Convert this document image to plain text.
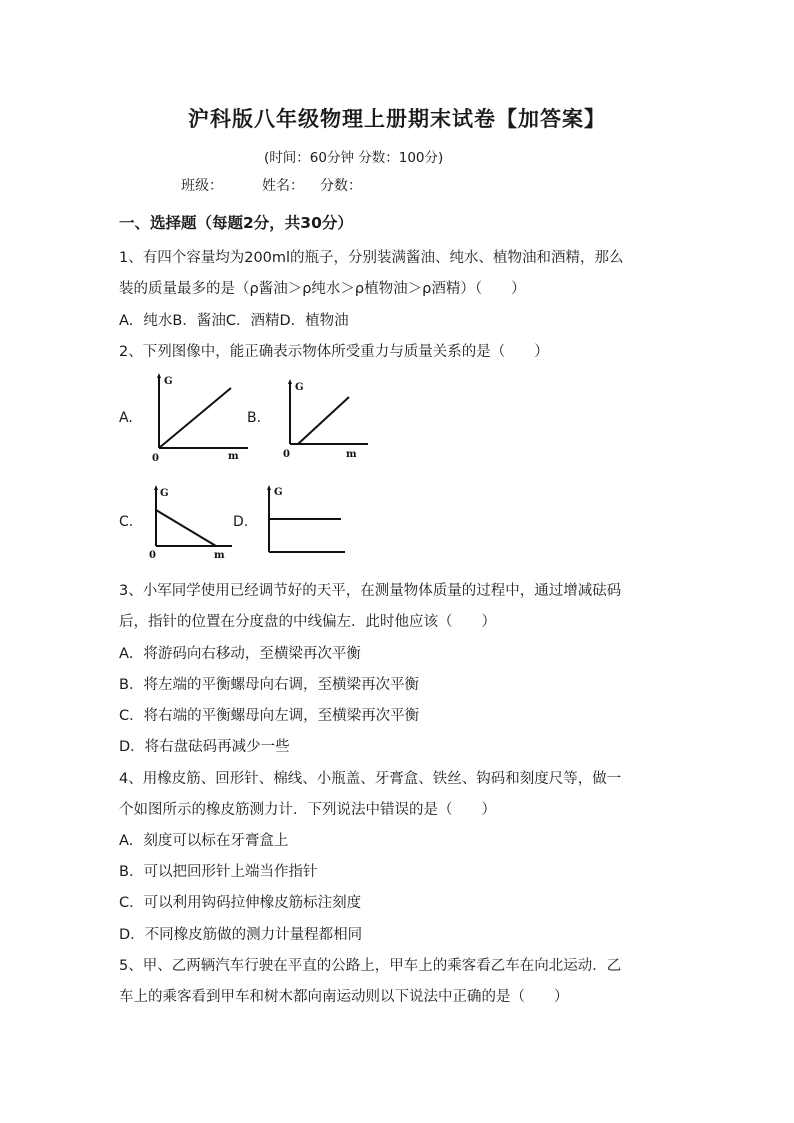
沪科版八年级物理上册期末试卷【加答案】
(时间：60分钟 分数：100分)
班级：	姓名： 分数：
一、选择题（每题2分，共30分）
1、有四个容量均为200ml的瓶子，分别装满酱油、纯水、植物油和酒精，那么
装的质量最多的是（ρ酱油＞ρ纯水＞ρ植物油＞ρ酒精）（　　）
A．纯水B．酱油C．酒精D．植物油
2、下列图像中，能正确表示物体所受重力与质量关系的是（　　）
A.
G
0	m
B.
G
0	m
C.
G
0	m
D.
G
3、小军同学使用已经调节好的天平，在测量物体质量的过程中，通过增减砝码
后，指针的位置在分度盘的中线偏左．此时他应该（　　）
A．将游码向右移动，至横梁再次平衡
B．将左端的平衡螺母向右调，至横梁再次平衡
C．将右端的平衡螺母向左调，至横梁再次平衡
D．将右盘砝码再减少一些
4、用橡皮筋、回形针、棉线、小瓶盖、牙膏盒、铁丝、钩码和刻度尺等，做一
个如图所示的橡皮筋测力计．下列说法中错误的是（　　）
A．刻度可以标在牙膏盒上
B．可以把回形针上端当作指针
C．可以利用钩码拉伸橡皮筋标注刻度
D．不同橡皮筋做的测力计量程都相同
5、甲、乙两辆汽车行驶在平直的公路上，甲车上的乘客看乙车在向北运动．乙
车上的乘客看到甲车和树木都向南运动则以下说法中正确的是（　　）
